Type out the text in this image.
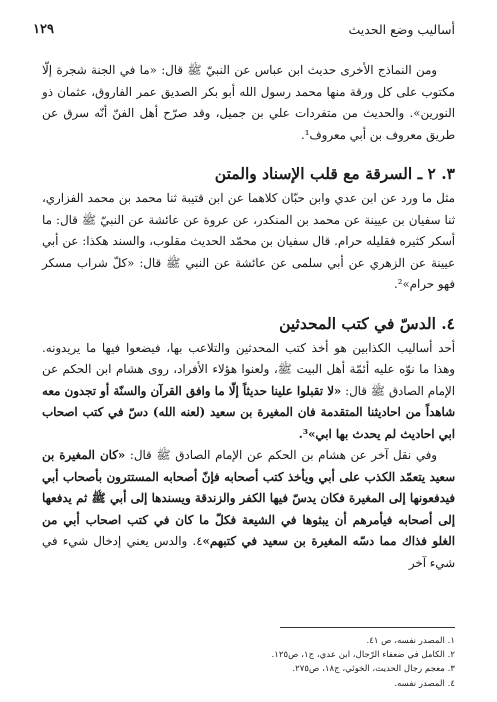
أساليب وضع الحديث
١٢٩

ومن النماذج الأخرى حديث ابن عباس عن النبيّ ﷺ قال: «ما في الجنة شجرة إلّا مكتوب على كل ورقة منها محمد رسول الله أبو بكر الصديق عمر الفاروق، عثمان ذو النورين». والحديث من متفردات علي بن جميل، وقد صرّح أهل الفنّ أنّه سرق عن طريق معروف بن أبي معروف¹.

٣. ٢ ـ السرقة مع قلب الإسناد والمتن

مثل ما ورد عن ابن عدي وابن حبّان كلاهما عن ابن قتيبة ثنا محمد بن محمد الفزاري، ثنا سفيان بن عيينة عن محمد بن المنكدر، عن عروة عن عائشة عن النبيّ ﷺ قال: ما أسكر كثيره فقليله حرام. قال سفيان بن محمّد الحديث مقلوب، والسند هكذا: عن أبي عيينة عن الزهري عن أبي سلمى عن عائشة عن النبي ﷺ قال: «كلّ شراب مسكر فهو حرام»².

٤. الدسّ في كتب المحدثين

أحد أساليب الكذابين هو أخذ كتب المحدثين والتلاعب بها، فيضعوا فيها ما يريدونه. وهذا ما نوّه عليه أئمّة أهل البيت ﷺ، ولعنوا هؤلاء الأفراد، روى هشام ابن الحكم عن الإمام الصادق ﷺ قال: «لا تقبلوا علينا حديثاً إلّا ما وافق القرآن والسنّة أو تجدون معه شاهداً من احاديثنا المتقدمة فان المغيرة بن سعيد (لعنه الله) دسّ في كتب اصحاب ابي احاديث لم يحدث بها ابي»³.

وفي نقل آخر عن هشام بن الحكم عن الإمام الصادق ﷺ قال: «كان المغيرة بن سعيد يتعمّد الكذب على أبي ويأخذ كتب أصحابه فإنّ أصحابه المستترون بأصحاب أبي فيدفعونها إلى المغيرة فكان يدسّ فيها الكفر والزندقة ويسندها إلى أبي ﷺ ثم يدفعها إلى أصحابه فيأمرهم أن يبثوها في الشيعة فكلّ ما كان في كتب اصحاب أبي من الغلو فذاك مما دسّه المغيرة بن سعيد في كتبهم»٤. والدس يعني إدخال شيء في شيء آخر

١. المصدر نفسه، ص ٤١.
٢. الكامل في ضعفاء الرّجال، ابن عدي، ج١، ص١٢٥.
٣. معجم رجال الحديث، الخوئي، ج١٨، ص٢٧٥.
٤. المصدر نفسه.
